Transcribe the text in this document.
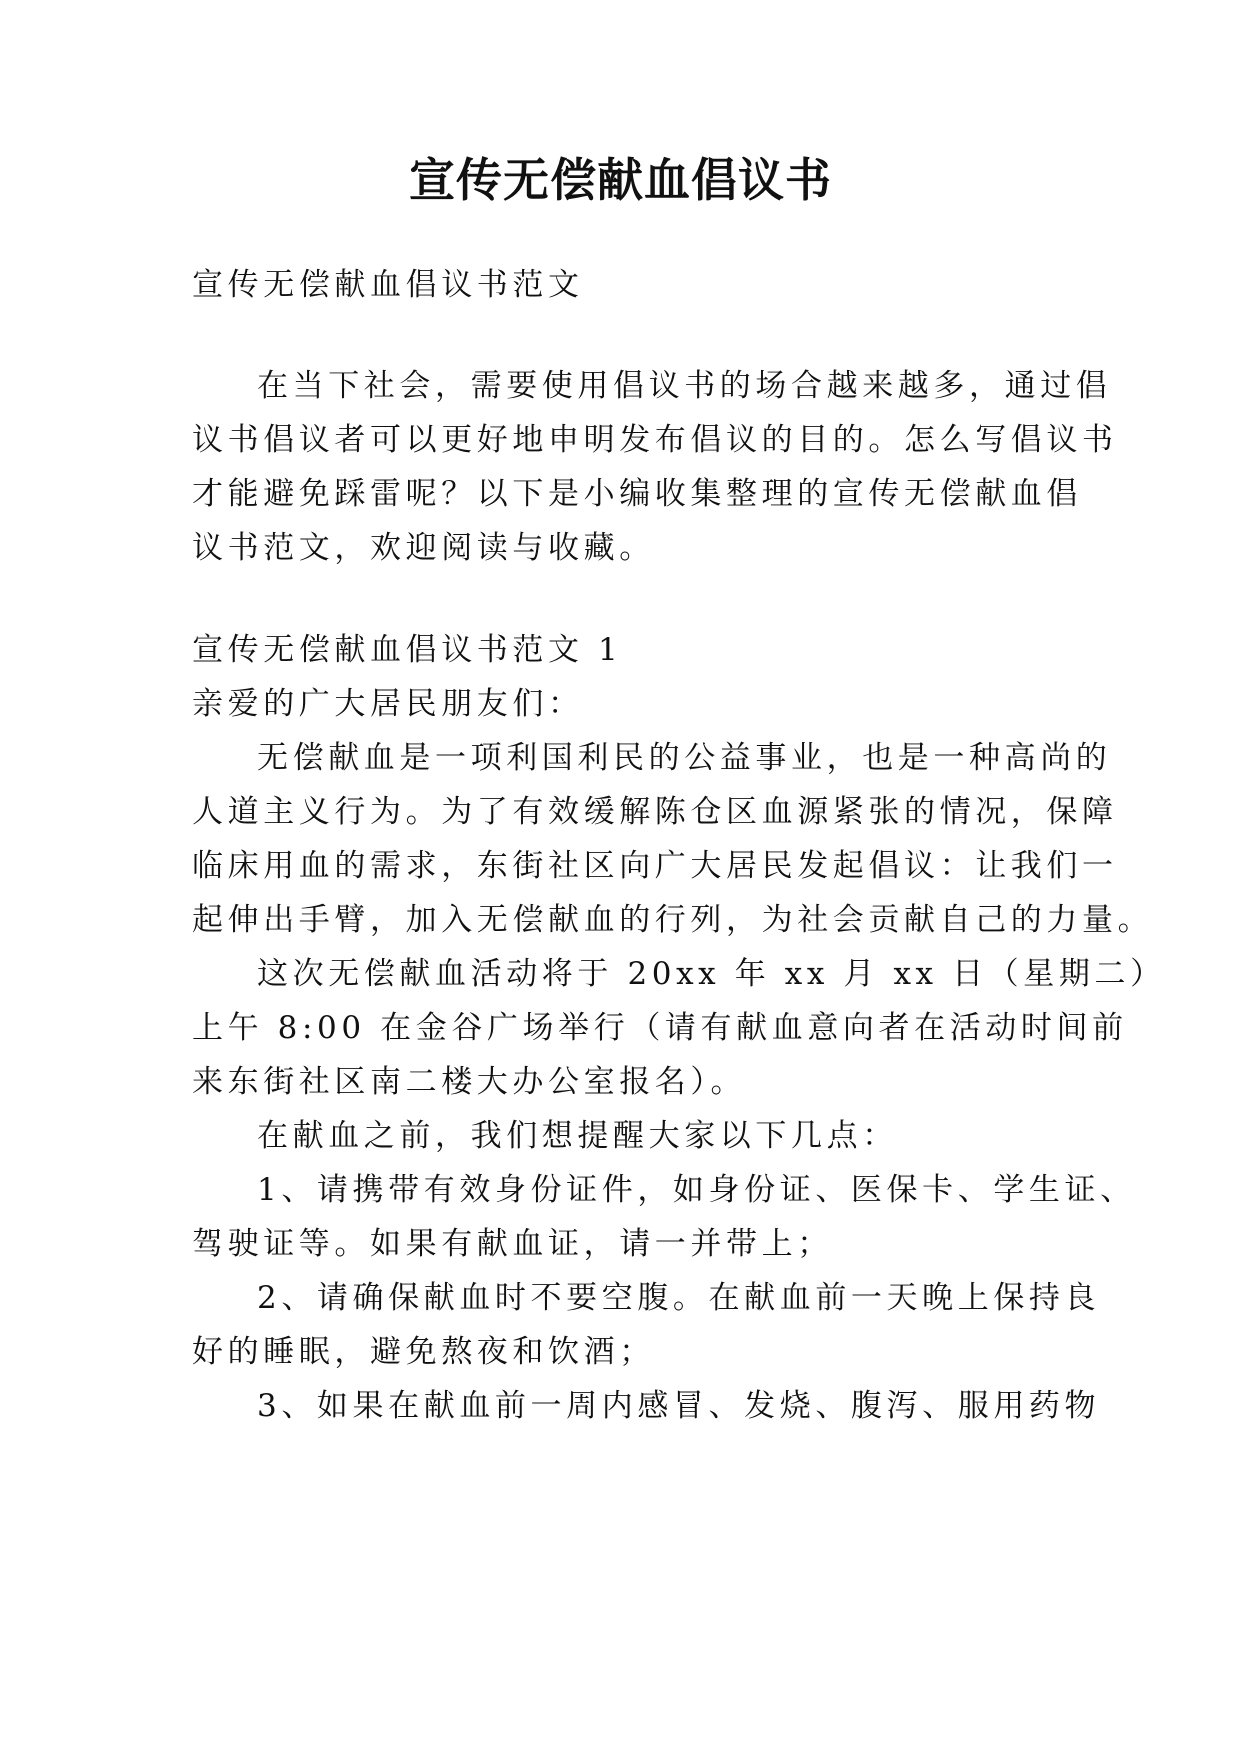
宣传无偿献血倡议书

宣传无偿献血倡议书范文

在当下社会，需要使用倡议书的场合越来越多，通过倡

议书倡议者可以更好地申明发布倡议的目的。怎么写倡议书

才能避免踩雷呢？以下是小编收集整理的宣传无偿献血倡

议书范文，欢迎阅读与收藏。

宣传无偿献血倡议书范文 1

亲爱的广大居民朋友们：

无偿献血是一项利国利民的公益事业，也是一种高尚的

人道主义行为。为了有效缓解陈仓区血源紧张的情况，保障

临床用血的需求，东街社区向广大居民发起倡议：让我们一

起伸出手臂，加入无偿献血的行列，为社会贡献自己的力量。

这次无偿献血活动将于 20xx 年 xx 月 xx 日（星期二）

上午 8:00 在金谷广场举行（请有献血意向者在活动时间前

来东街社区南二楼大办公室报名）。

在献血之前，我们想提醒大家以下几点：

1、请携带有效身份证件，如身份证、医保卡、学生证、

驾驶证等。如果有献血证，请一并带上；

2、请确保献血时不要空腹。在献血前一天晚上保持良

好的睡眠，避免熬夜和饮酒；

3、如果在献血前一周内感冒、发烧、腹泻、服用药物
